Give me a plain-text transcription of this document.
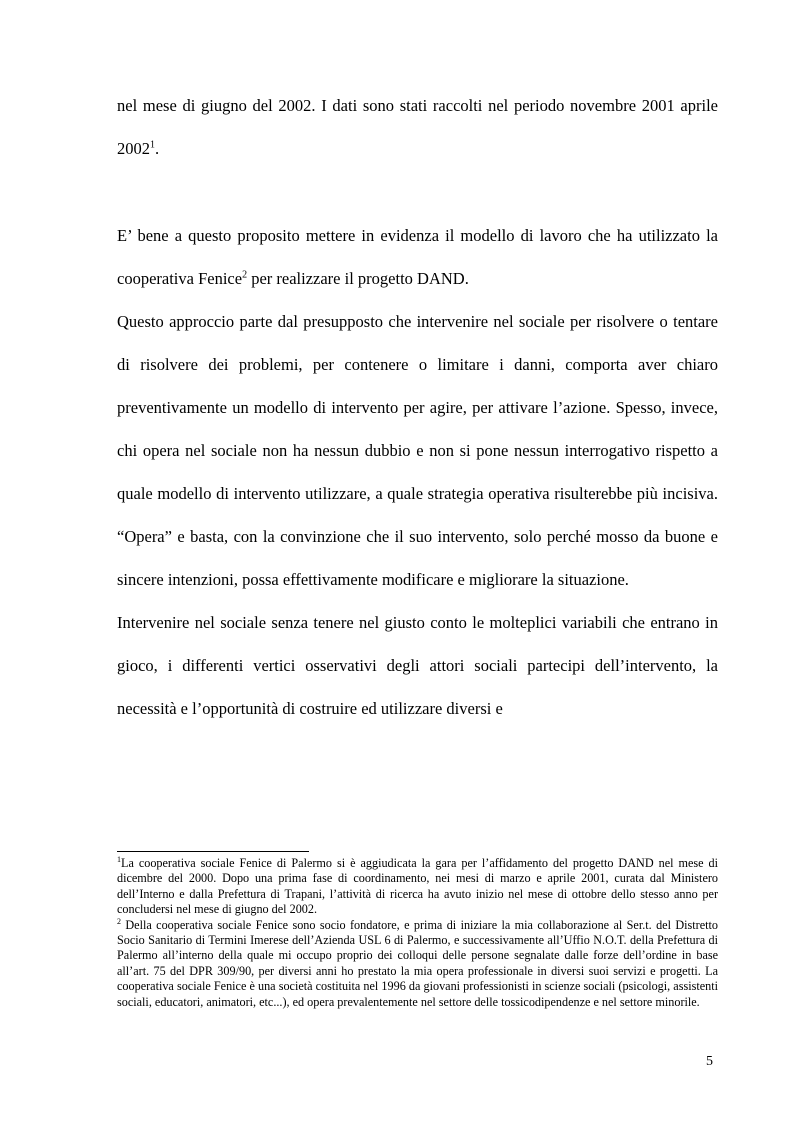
nel mese di giugno del 2002. I dati sono stati raccolti nel periodo novembre 2001 aprile 2002$^1$.

E’ bene a questo proposito mettere in evidenza il modello di lavoro che ha utilizzato la cooperativa Fenice$^2$ per realizzare il progetto DAND.

Questo approccio parte dal presupposto che intervenire nel sociale per risolvere o tentare di risolvere dei problemi, per contenere o limitare i danni, comporta aver chiaro preventivamente un modello di intervento per agire, per attivare l’azione. Spesso, invece, chi opera nel sociale non ha nessun dubbio e non si pone nessun interrogativo rispetto a quale modello di intervento utilizzare, a quale strategia operativa risulterebbe più incisiva. “Opera” e basta, con la convinzione che il suo intervento, solo perché mosso da buone e sincere intenzioni, possa effettivamente modificare e migliorare la situazione.

Intervenire nel sociale senza tenere nel giusto conto le molteplici variabili che entrano in gioco, i differenti vertici osservativi degli attori sociali partecipi dell’intervento, la necessità e l’opportunità di costruire ed utilizzare diversi e

$^1$La cooperativa sociale Fenice di Palermo si è aggiudicata la gara per l’affidamento del progetto DAND nel mese di dicembre del 2000. Dopo una prima fase di coordinamento, nei mesi di marzo e aprile 2001, curata dal Ministero dell’Interno e dalla Prefettura di Trapani, l’attività di ricerca ha avuto inizio nel mese di ottobre dello stesso anno per concludersi nel mese di giugno del 2002.

$^2$ Della cooperativa sociale Fenice sono socio fondatore, e prima di iniziare la mia collaborazione al Ser.t. del Distretto Socio Sanitario di Termini Imerese dell’Azienda USL 6 di Palermo, e successivamente all’Uffio N.O.T. della Prefettura di Palermo all’interno della quale mi occupo proprio dei colloqui delle persone segnalate dalle forze dell’ordine in base all’art. 75 del DPR 309/90, per diversi anni ho prestato la mia opera professionale in diversi suoi servizi e progetti. La cooperativa sociale Fenice è una società costituita nel 1996 da giovani professionisti in scienze sociali (psicologi, assistenti sociali, educatori, animatori, etc...), ed opera prevalentemente nel settore delle tossicodipendenze e nel settore minorile.

5
